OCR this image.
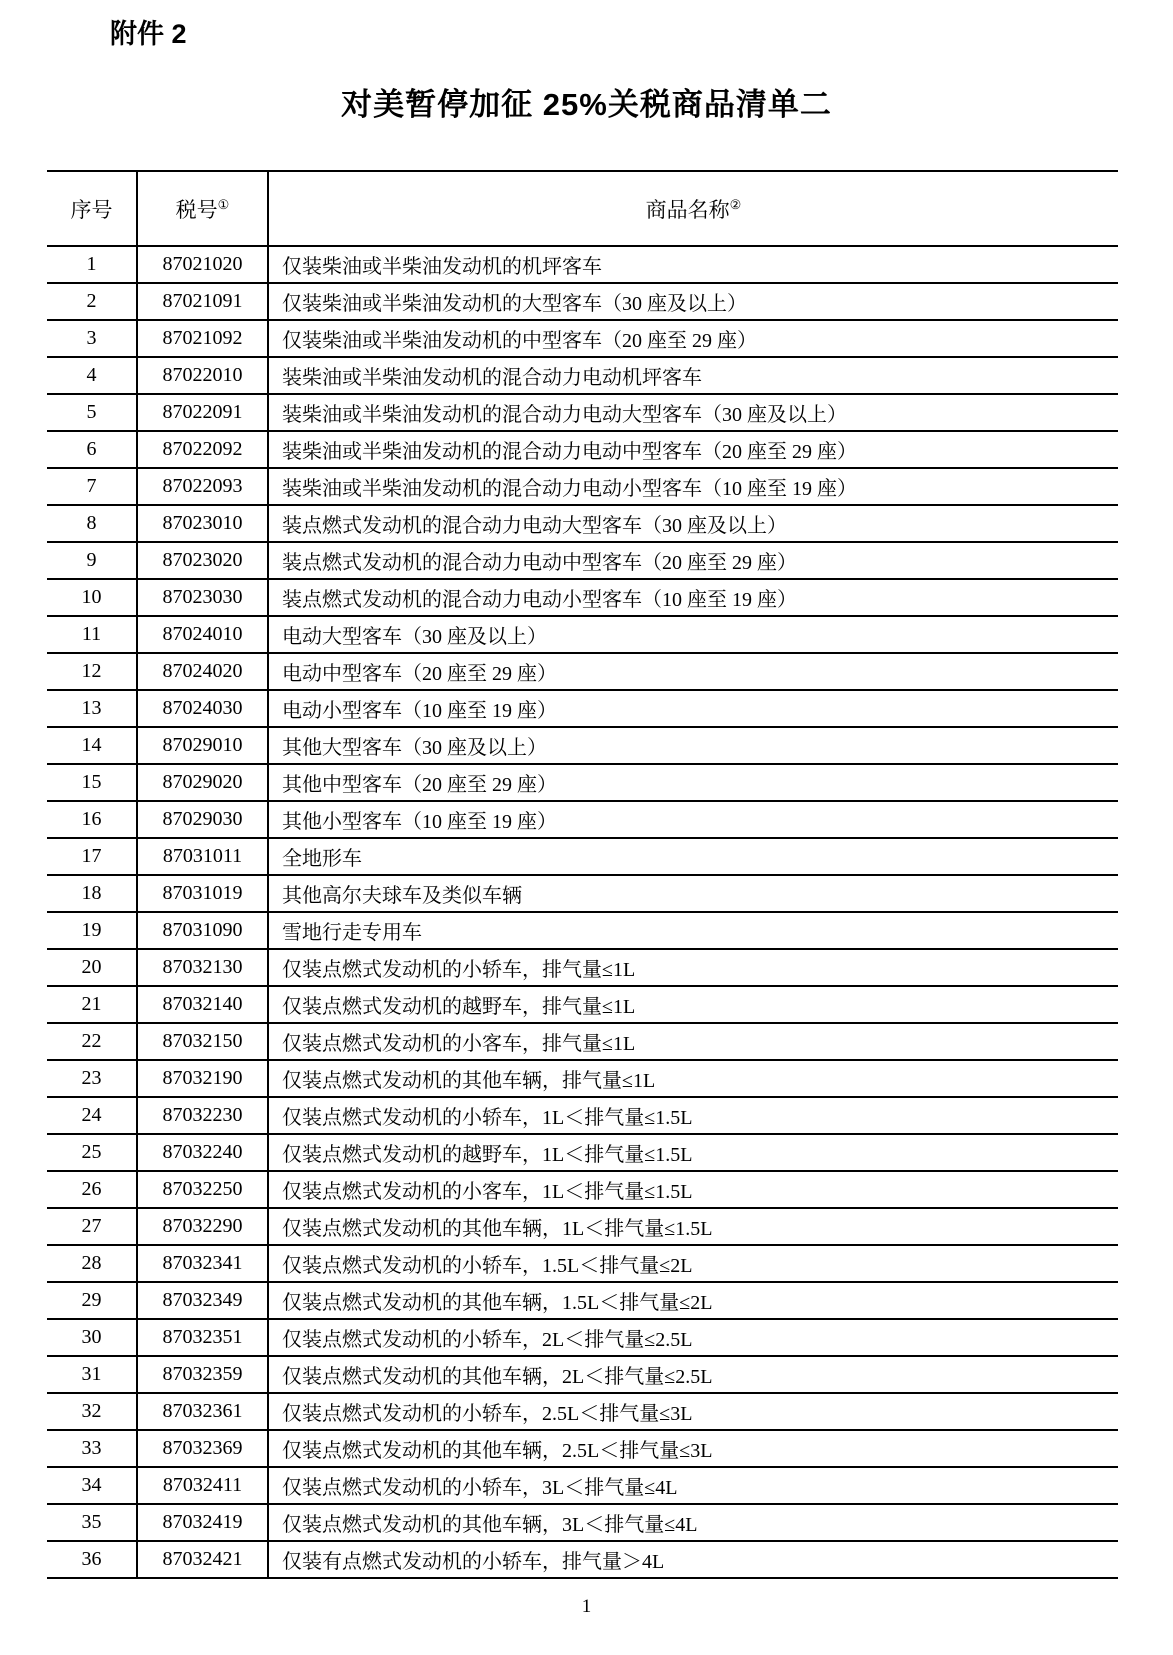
附件 2
对美暂停加征 25%关税商品清单二
序号	税号①	商品名称②
1	87021020	仅装柴油或半柴油发动机的机坪客车
2	87021091	仅装柴油或半柴油发动机的大型客车（30 座及以上）
3	87021092	仅装柴油或半柴油发动机的中型客车（20 座至 29 座）
4	87022010	装柴油或半柴油发动机的混合动力电动机坪客车
5	87022091	装柴油或半柴油发动机的混合动力电动大型客车（30 座及以上）
6	87022092	装柴油或半柴油发动机的混合动力电动中型客车（20 座至 29 座）
7	87022093	装柴油或半柴油发动机的混合动力电动小型客车（10 座至 19 座）
8	87023010	装点燃式发动机的混合动力电动大型客车（30 座及以上）
9	87023020	装点燃式发动机的混合动力电动中型客车（20 座至 29 座）
10	87023030	装点燃式发动机的混合动力电动小型客车（10 座至 19 座）
11	87024010	电动大型客车（30 座及以上）
12	87024020	电动中型客车（20 座至 29 座）
13	87024030	电动小型客车（10 座至 19 座）
14	87029010	其他大型客车（30 座及以上）
15	87029020	其他中型客车（20 座至 29 座）
16	87029030	其他小型客车（10 座至 19 座）
17	87031011	全地形车
18	87031019	其他高尔夫球车及类似车辆
19	87031090	雪地行走专用车
20	87032130	仅装点燃式发动机的小轿车，排气量≤1L
21	87032140	仅装点燃式发动机的越野车，排气量≤1L
22	87032150	仅装点燃式发动机的小客车，排气量≤1L
23	87032190	仅装点燃式发动机的其他车辆，排气量≤1L
24	87032230	仅装点燃式发动机的小轿车，1L＜排气量≤1.5L
25	87032240	仅装点燃式发动机的越野车，1L＜排气量≤1.5L
26	87032250	仅装点燃式发动机的小客车，1L＜排气量≤1.5L
27	87032290	仅装点燃式发动机的其他车辆，1L＜排气量≤1.5L
28	87032341	仅装点燃式发动机的小轿车，1.5L＜排气量≤2L
29	87032349	仅装点燃式发动机的其他车辆，1.5L＜排气量≤2L
30	87032351	仅装点燃式发动机的小轿车，2L＜排气量≤2.5L
31	87032359	仅装点燃式发动机的其他车辆，2L＜排气量≤2.5L
32	87032361	仅装点燃式发动机的小轿车，2.5L＜排气量≤3L
33	87032369	仅装点燃式发动机的其他车辆，2.5L＜排气量≤3L
34	87032411	仅装点燃式发动机的小轿车，3L＜排气量≤4L
35	87032419	仅装点燃式发动机的其他车辆，3L＜排气量≤4L
36	87032421	仅装有点燃式发动机的小轿车，排气量＞4L
1
